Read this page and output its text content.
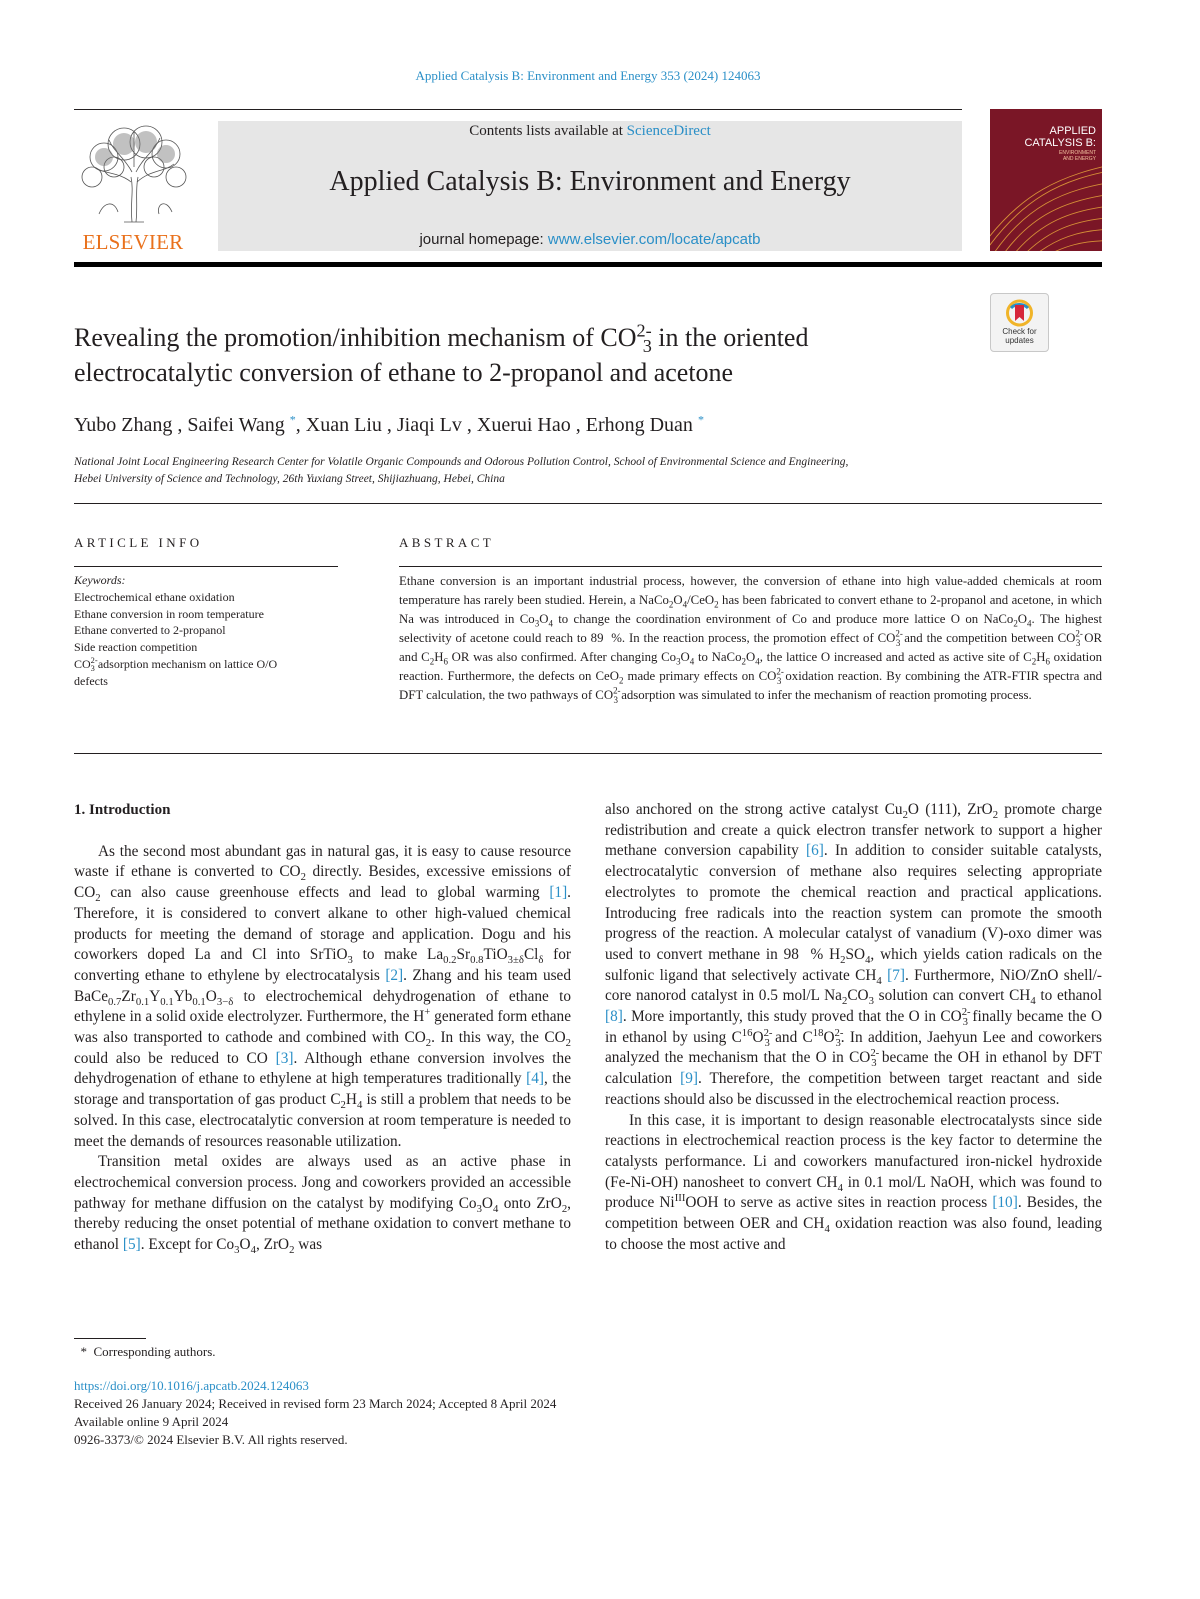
Applied Catalysis B: Environment and Energy 353 (2024) 124063
ELSEVIER
Contents lists available at ScienceDirect
Applied Catalysis B: Environment and Energy
journal homepage: www.elsevier.com/locate/apcatb
APPLIED
CATALYSIS B:
ENVIRONMENT
AND ENERGY
Revealing the promotion/inhibition mechanism of $CO^{2-}_3$ in the oriented
electrocatalytic conversion of ethane to 2-propanol and acetone
Check for
updates
Yubo Zhang , Saifei Wang *, Xuan Liu , Jiaqi Lv , Xuerui Hao , Erhong Duan *
National Joint Local Engineering Research Center for Volatile Organic Compounds and Odorous Pollution Control, School of Environmental Science and Engineering,
Hebei University of Science and Technology, 26th Yuxiang Street, Shijiazhuang, Hebei, China
ARTICLE INFO	ABSTRACT
Keywords:
Electrochemical ethane oxidation
Ethane conversion in room temperature
Ethane converted to 2-propanol
Side reaction competition
$CO^{2-}_3$ adsorption mechanism on lattice O/O
defects
Ethane conversion is an important industrial process, however, the conversion of ethane into high value-added chemicals at room temperature has rarely been studied. Herein, a $NaCo_2O_4/CeO_2$ has been fabricated to convert ethane to 2-propanol and acetone, in which Na was introduced in $Co_3O_4$ to change the coordination environment of Co and produce more lattice O on $NaCo_2O_4$. The highest selectivity of acetone could reach to 89  %. In the reaction process, the promotion effect of $CO^{2-}_3$ and the competition between $CO^{2-}_3$ OR and $C_2H_6$ OR was also confirmed. After changing $Co_3O_4$ to $NaCo_2O_4$, the lattice O increased and acted as active site of $C_2H_6$ oxidation reaction. Furthermore, the defects on CeO$_2$ made primary effects on $CO^{2-}_3$ oxidation reaction. By combining the ATR-FTIR spectra and DFT calculation, the two pathways of $CO^{2-}_3$ adsorption was simulated to infer the mechanism of reaction promoting process.

1. Introduction

As the second most abundant gas in natural gas, it is easy to cause resource waste if ethane is converted to $CO_2$ directly. Besides, excessive emissions of $CO_2$ can also cause greenhouse effects and lead to global warming [1]. Therefore, it is considered to convert alkane to other high-valued chemical products for meeting the demand of storage and application. Dogu and his coworkers doped La and Cl into SrTiO$_3$ to make $La_{0.2}Sr_{0.8}TiO_{3\pm\delta}Cl_\delta$ for converting ethane to ethylene by electrocatalysis [2]. Zhang and his team used $BaCe_{0.7}Zr_{0.1}Y_{0.1}Yb_{0.1}O_{3-\delta}$ to electrochemical dehydrogenation of ethane to ethylene in a solid oxide electrolyzer. Furthermore, the H+ generated form ethane was also transported to cathode and combined with $CO_2$. In this way, the $CO_2$ could also be reduced to CO [3]. Although ethane conversion involves the dehydrogenation of ethane to ethylene at high temperatures traditionally [4], the storage and transportation of gas product $C_2H_4$ is still a problem that needs to be solved. In this case, electrocatalytic conversion at room temperature is needed to meet the demands of resources reasonable utilization.

Transition metal oxides are always used as an active phase in electrochemical conversion process. Jong and coworkers provided an accessible pathway for methane diffusion on the catalyst by modifying $Co_3O_4$ onto ZrO$_2$, thereby reducing the onset potential of methane oxidation to convert methane to ethanol [5]. Except for $Co_3O_4$, ZrO$_2$ was

also anchored on the strong active catalyst $Cu_2O$ (111), ZrO$_2$ promote charge redistribution and create a quick electron transfer network to support a higher methane conversion capability [6]. In addition to consider suitable catalysts, electrocatalytic conversion of methane also requires selecting appropriate electrolytes to promote the chemical reaction and practical applications. Introducing free radicals into the reaction system can promote the smooth progress of the reaction. A molecular catalyst of vanadium (V)-oxo dimer was used to convert methane in 98  % $H_2SO_4$, which yields cation radicals on the sulfonic ligand that selectively activate $CH_4$ [7]. Furthermore, NiO/ZnO shell/-core nanorod catalyst in 0.5 mol/L $Na_2CO_3$ solution can convert $CH_4$ to ethanol [8]. More importantly, this study proved that the O in $CO^{2-}_3$ finally became the O in ethanol by using $C^{16}O^{2-}_3$ and $C^{18}O^{2-}_3$. In addition, Jaehyun Lee and coworkers analyzed the mechanism that the O in $CO^{2-}_3$ became the OH in ethanol by DFT calculation [9]. Therefore, the competition between target reactant and side reactions should also be discussed in the electrochemical reaction process.

In this case, it is important to design reasonable electrocatalysts since side reactions in electrochemical reaction process is the key factor to determine the catalysts performance. Li and coworkers manufactured iron-nickel hydroxide (Fe-Ni-OH) nanosheet to convert $CH_4$ in 0.1 mol/L NaOH, which was found to produce $Ni^{III}OOH$ to serve as active sites in reaction process [10]. Besides, the competition between OER and $CH_4$ oxidation reaction was also found, leading to choose the most active and

*  Corresponding authors.
https://doi.org/10.1016/j.apcatb.2024.124063
Received 26 January 2024; Received in revised form 23 March 2024; Accepted 8 April 2024
Available online 9 April 2024
0926-3373/© 2024 Elsevier B.V. All rights reserved.
